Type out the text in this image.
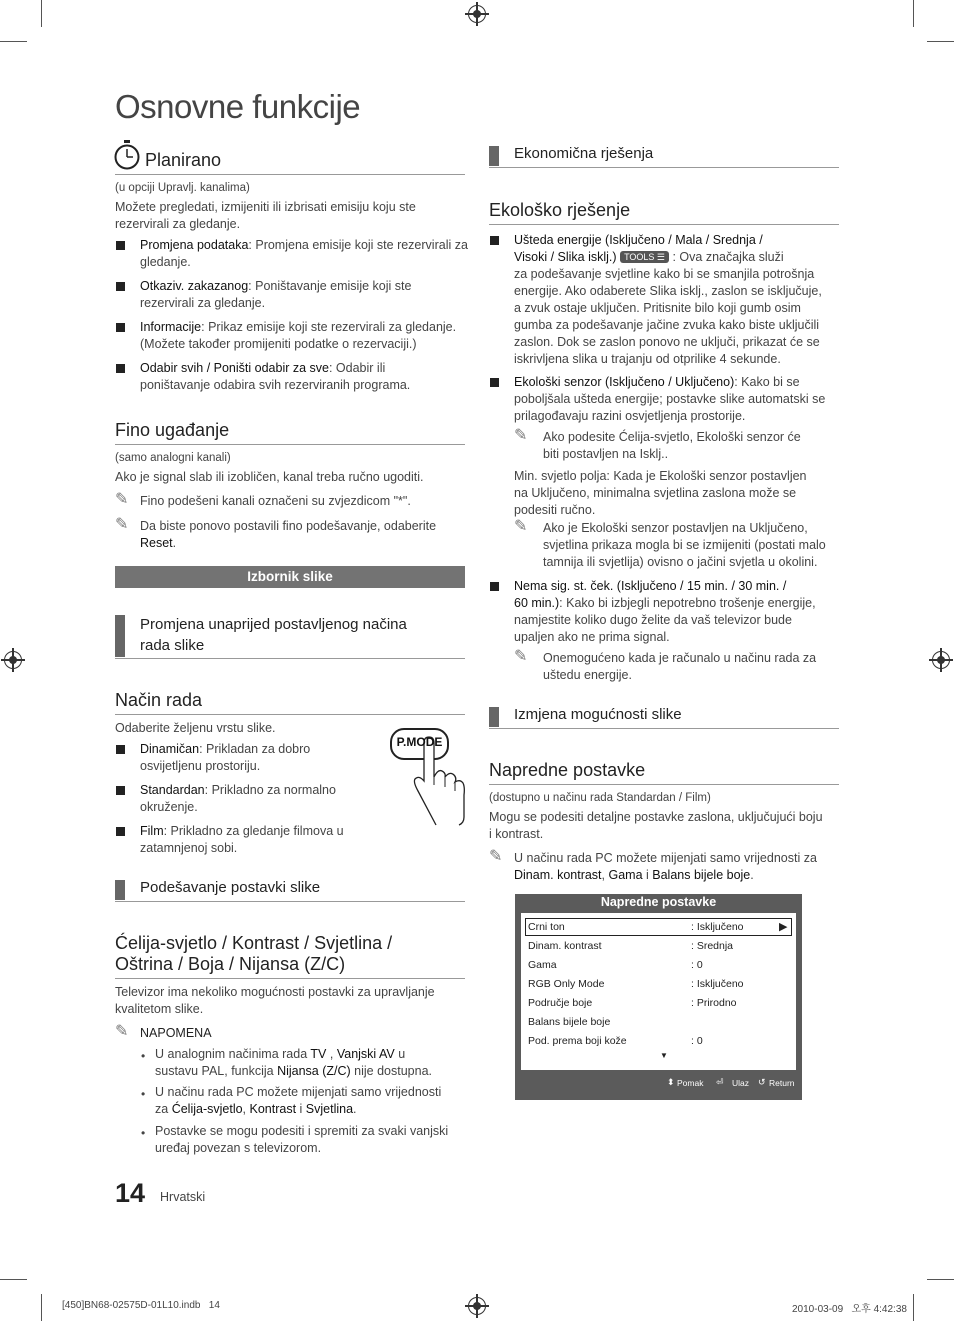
Osnovne funkcije
Planirano
(u opciji Upravlj. kanalima)
Možete pregledati, izmijeniti ili izbrisati emisiju koju ste rezervirali za gledanje.
Promjena podataka: Promjena emisije koji ste rezervirali za gledanje.
Otkaziv. zakazanog: Poništavanje emisije koji ste rezervirali za gledanje.
Informacije: Prikaz emisije koji ste rezervirali za gledanje. (Možete također promijeniti podatke o rezervaciji.)
Odabir svih / Poništi odabir za sve: Odabir ili poništavanje odabira svih rezerviranih programa.
Fino ugađanje
(samo analogni kanali)
Ako je signal slab ili izobličen, kanal treba ručno ugoditi.
✎ Fino podešeni kanali označeni su zvjezdicom "*".
✎ Da biste ponovo postavili fino podešavanje, odaberite
Reset.
Izbornik slike
Promjena unaprijed postavljenog načina
rada slike
Način rada
Odaberite željenu vrstu slike.
P.MODE
Dinamičan: Prikladan za dobro
osvijetljenu prostoriju.
Standardan: Prikladno za normalno
okruženje.
Film: Prikladno za gledanje filmova u
zatamnjenoj sobi.
Podešavanje postavki slike
Ćelija-svjetlo / Kontrast / Svjetlina /
Oštrina / Boja / Nijansa (Z/C)
Televizor ima nekoliko mogućnosti postavki za upravljanje kvalitetom slike.
✎ NAPOMENA
• U analognim načinima rada TV , Vanjski AV u
sustavu PAL, funkcija Nijansa (Z/C) nije dostupna.
• U načinu rada PC možete mijenjati samo vrijednosti
za Ćelija-svjetlo, Kontrast i Svjetlina.
• Postavke se mogu podesiti i spremiti za svaki vanjski
uređaj povezan s televizorom.
14 Hrvatski
[450]BN68-02575D-01L10.indb   14	2010-03-09   오후 4:42:38
Ekonomična rješenja
Ekološko rješenje
Ušteda energije (Isključeno / Mala / Srednja /
Visoki / Slika isklj.) TOOLS ☰ : Ova značajka služi
za podešavanje svjetline kako bi se smanjila potrošnja
energije. Ako odaberete Slika isklj., zaslon se isključuje,
a zvuk ostaje uključen. Pritisnite bilo koji gumb osim
gumba za podešavanje jačine zvuka kako biste uključili
zaslon. Dok se zaslon ponovo ne uključi, prikazat će se
iskrivljena slika u trajanju od otprilike 4 sekunde.
Ekološki senzor (Isključeno / Uključeno): Kako bi se
poboljšala ušteda energije; postavke slike automatski se
prilagođavaju razini osvjetljenja prostorije.
✎ Ako podesite Ćelija-svjetlo, Ekološki senzor će
biti postavljen na Isklj..
Min. svjetlo polja: Kada je Ekološki senzor postavljen
na Uključeno, minimalna svjetlina zaslona može se
podesiti ručno.
✎ Ako je Ekološki senzor postavljen na Uključeno,
svjetlina prikaza mogla bi se izmijeniti (postati malo
tamnija ili svjetlija) ovisno o jačini svjetla u okolini.
Nema sig. st. ček. (Isključeno / 15 min. / 30 min. /
60 min.): Kako bi izbjegli nepotrebno trošenje energije,
namjestite koliko dugo želite da vaš televizor bude
upaljen ako ne prima signal.
✎ Onemogućeno kada je računalo u načinu rada za
uštedu energije.
Izmjena mogućnosti slike
Napredne postavke
(dostupno u načinu rada Standardan / Film)
Mogu se podesiti detaljne postavke zaslona, uključujući boju
i kontrast.
✎ U načinu rada PC možete mijenjati samo vrijednosti za
Dinam. kontrast, Gama i Balans bijele boje.
Napredne postavke
Crni ton	: Isključeno	▶
Dinam. kontrast	: Srednja
Gama	: 0
RGB Only Mode	: Isključeno
Područje boje	: Prirodno
Balans bijele boje
Pod. prema boji kože	: 0
▼
⬍ Pomak ⏎ Ulaz ↺ Return
